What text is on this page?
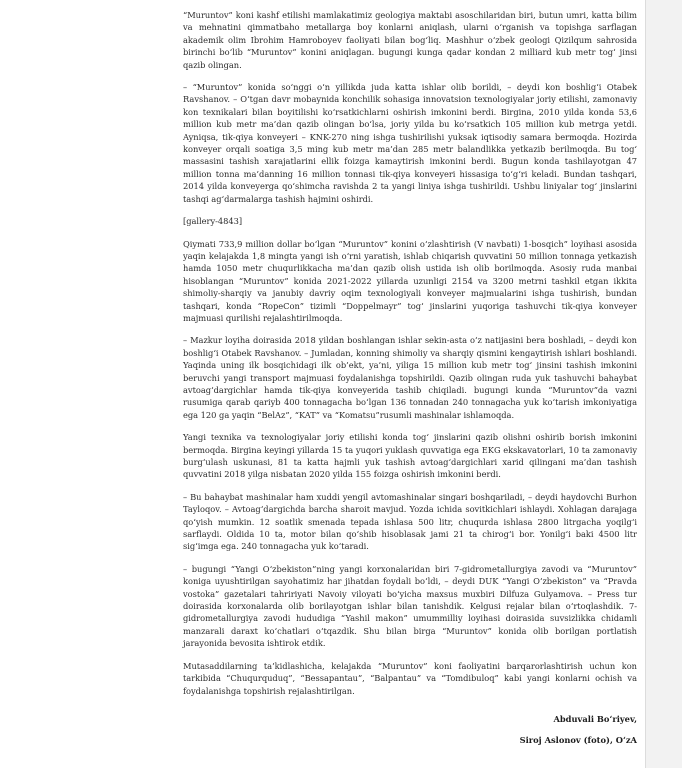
“Muruntov” koni kashf etilishi mamlakatimiz geologiya maktabi asoschilaridan biri, butun umri, katta bilim va mehnatini qimmatbaho metallarga boy konlarni aniqlash, ularni o‘rganish va topishga sarflagan akademik olim Ibrohim Hamroboyev faoliyati bilan bog‘liq. Mashhur o‘zbek geologi Qizilqum sahrosida birinchi bo‘lib “Muruntov” konini aniqlagan. bugungi kunga qadar kondan 2 milliard kub metr tog‘ jinsi qazib olingan.

– “Muruntov” konida so‘nggi o‘n yillikda juda katta ishlar olib borildi, – deydi kon boshlig‘i Otabek Ravshanov. – O‘tgan davr mobaynida konchilik sohasiga innovatsion texnologiyalar joriy etilishi, zamonaviy kon texnikalari bilan boyitilishi ko‘rsatkichlarni oshirish imkonini berdi. Birgina, 2010 yilda konda 53,6 million kub metr ma’dan qazib olingan bo‘lsa, joriy yilda bu ko‘rsatkich 105 million kub metrga yetdi. Ayniqsa, tik-qiya konveyeri – KNK-270 ning ishga tushirilishi yuksak iqtisodiy samara bermoqda. Hozirda konveyer orqali soatiga 3,5 ming kub metr ma’dan 285 metr balandlikka yetkazib berilmoqda. Bu tog‘ massasini tashish xarajatlarini ellik foizga kamaytirish imkonini berdi. Bugun konda tashilayotgan 47 million tonna ma’danning 16 million tonnasi tik-qiya konveyeri hissasiga to‘g‘ri keladi. Bundan tashqari, 2014 yilda konveyerga qo‘shimcha ravishda 2 ta yangi liniya ishga tushirildi. Ushbu liniyalar tog‘ jinslarini tashqi ag‘darmalarga tashish hajmini oshirdi.

[gallery-4843]

Qiymati 733,9 million dollar bo‘lgan “Muruntov” konini o‘zlashtirish (V navbati) 1-bosqich” loyihasi asosida yaqin kelajakda 1,8 mingta yangi ish o‘rni yaratish, ishlab chiqarish quvvatini 50 million tonnaga yetkazish hamda 1050 metr chuqurlikkacha ma’dan qazib olish ustida ish olib borilmoqda. Asosiy ruda manbai hisoblangan “Muruntov” konida 2021-2022 yillarda uzunligi 2154 va 3200 metrni tashkil etgan ikkita shimoliy-sharqiy va janubiy davriy oqim texnologiyali konveyer majmualarini ishga tushirish, bundan tashqari, konda “RopeCon” tizimli “Doppelmayr” tog‘ jinslarini yuqoriga tashuvchi tik-qiya konveyer majmuasi qurilishi rejalashtirilmoqda.

– Mazkur loyiha doirasida 2018 yildan boshlangan ishlar sekin-asta o‘z natijasini bera boshladi, – deydi kon boshlig‘i Otabek Ravshanov. – Jumladan, konning shimoliy va sharqiy qismini kengaytirish ishlari boshlandi. Yaqinda uning ilk bosqichidagi ilk ob’ekt, ya’ni, yiliga 15 million kub metr tog‘ jinsini tashish imkonini beruvchi yangi transport majmuasi foydalanishga topshirildi. Qazib olingan ruda yuk tashuvchi bahaybat avtoag‘dargichlar hamda tik-qiya konveyerida tashib chiqiladi. bugungi kunda “Muruntov”da vazni rusumiga qarab qariyb 400 tonnagacha bo‘lgan 136 tonnadan 240 tonnagacha yuk ko‘tarish imkoniyatiga ega 120 ga yaqin “BelAz”, “KAT” va “Komatsu”rusumli mashinalar ishlamoqda.

Yangi texnika va texnologiyalar joriy etilishi konda tog‘ jinslarini qazib olishni oshirib borish imkonini bermoqda. Birgina keyingi yillarda 15 ta yuqori yuklash quvvatiga ega EKG ekskavatorlari, 10 ta zamonaviy burg‘ulash uskunasi, 81 ta katta hajmli yuk tashish avtoag‘dargichlari xarid qilingani ma’dan tashish quvvatini 2018 yilga nisbatan 2020 yilda 155 foizga oshirish imkonini berdi.

– Bu bahaybat mashinalar ham xuddi yengil avtomashinalar singari boshqariladi, – deydi haydovchi Burhon Tayloqov. – Avtoag‘dargichda barcha sharoit mavjud. Yozda ichida sovitkichlari ishlaydi. Xohlagan darajaga qo‘yish mumkin. 12 soatlik smenada tepada ishlasa 500 litr, chuqurda ishlasa 2800 litrgacha yoqilg‘i sarflaydi. Oldida 10 ta, motor bilan qo‘shib hisoblasak jami 21 ta chirog‘i bor. Yonilg‘i baki 4500 litr sig‘imga ega. 240 tonnagacha yuk ko‘taradi.

– bugungi “Yangi O‘zbekiston”ning yangi korxonalaridan biri 7-gidrometallurgiya zavodi va “Muruntov” koniga uyushtirilgan sayohatimiz har jihatdan foydali bo‘ldi, – deydi DUK “Yangi O‘zbekiston” va “Pravda vostoka” gazetalari tahririyati Navoiy viloyati bo‘yicha maxsus muxbiri Dilfuza Gulyamova. – Press tur doirasida korxonalarda olib borilayotgan ishlar bilan tanishdik. Kelgusi rejalar bilan o‘rtoqlashdik. 7-gidrometallurgiya zavodi hududiga “Yashil makon” umummilliy loyihasi doirasida suvsizlikka chidamli manzarali daraxt ko‘chatlari o‘tqazdik. Shu bilan birga “Muruntov” konida olib borilgan portlatish jarayonida bevosita ishtirok etdik.

Mutasaddilarning ta’kidlashicha, kelajakda “Muruntov” koni faoliyatini barqarorlashtirish uchun kon tarkibida “Chuqurquduq”, “Bessapantau”, “Balpantau” va “Tomdibuloq” kabi yangi konlarni ochish va foydalanishga topshirish rejalashtirilgan.

Abduvali Bo‘riyev,
Siroj Aslonov (foto), O‘zA
